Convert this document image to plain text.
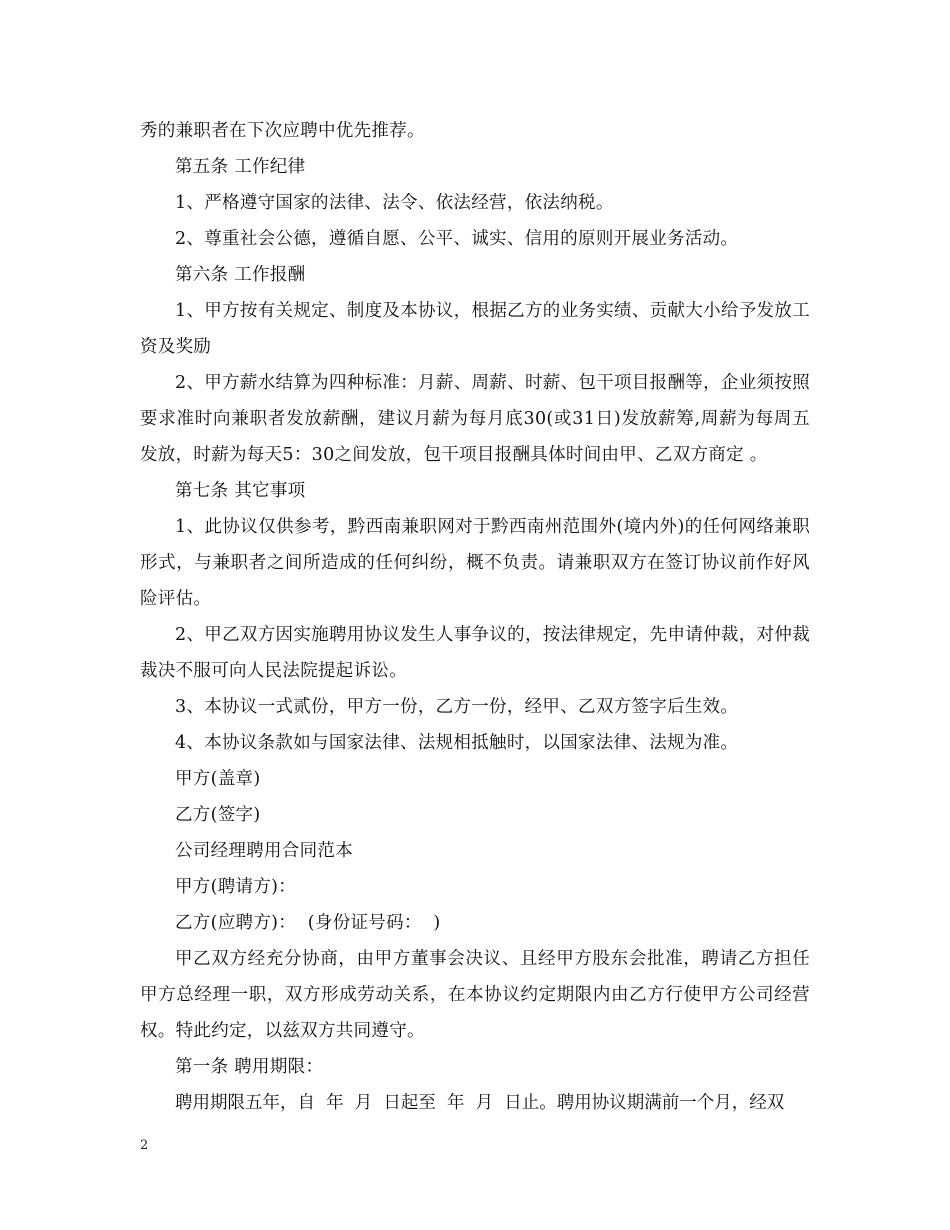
秀的兼职者在下次应聘中优先推荐。

第五条 工作纪律

1、严格遵守国家的法律、法令、依法经营，依法纳税。

2、尊重社会公德，遵循自愿、公平、诚实、信用的原则开展业务活动。

第六条 工作报酬

1、甲方按有关规定、制度及本协议，根据乙方的业务实绩、贡献大小给予发放工资及奖励

2、甲方薪水结算为四种标准：月薪、周薪、时薪、包干项目报酬等，企业须按照要求准时向兼职者发放薪酬，建议月薪为每月底30(或31日)发放薪筹,周薪为每周五发放，时薪为每天5：30之间发放，包干项目报酬具体时间由甲、乙双方商定 。

第七条 其它事项

1、此协议仅供参考，黔西南兼职网对于黔西南州范围外(境内外)的任何网络兼职形式，与兼职者之间所造成的任何纠纷，概不负责。请兼职双方在签订协议前作好风险评估。

2、甲乙双方因实施聘用协议发生人事争议的，按法律规定，先申请仲裁，对仲裁裁决不服可向人民法院提起诉讼。

3、本协议一式贰份，甲方一份，乙方一份，经甲、乙双方签字后生效。

4、本协议条款如与国家法律、法规相抵触时，以国家法律、法规为准。

甲方(盖章)

乙方(签字)

公司经理聘用合同范本

甲方(聘请方)：

乙方(应聘方)：  (身份证号码：  )

甲乙双方经充分协商，由甲方董事会决议、且经甲方股东会批准，聘请乙方担任甲方总经理一职，双方形成劳动关系，在本协议约定期限内由乙方行使甲方公司经营权。特此约定，以兹双方共同遵守。

第一条 聘用期限：

聘用期限五年，自  年  月  日起至  年  月  日止。聘用协议期满前一个月，经双

2
